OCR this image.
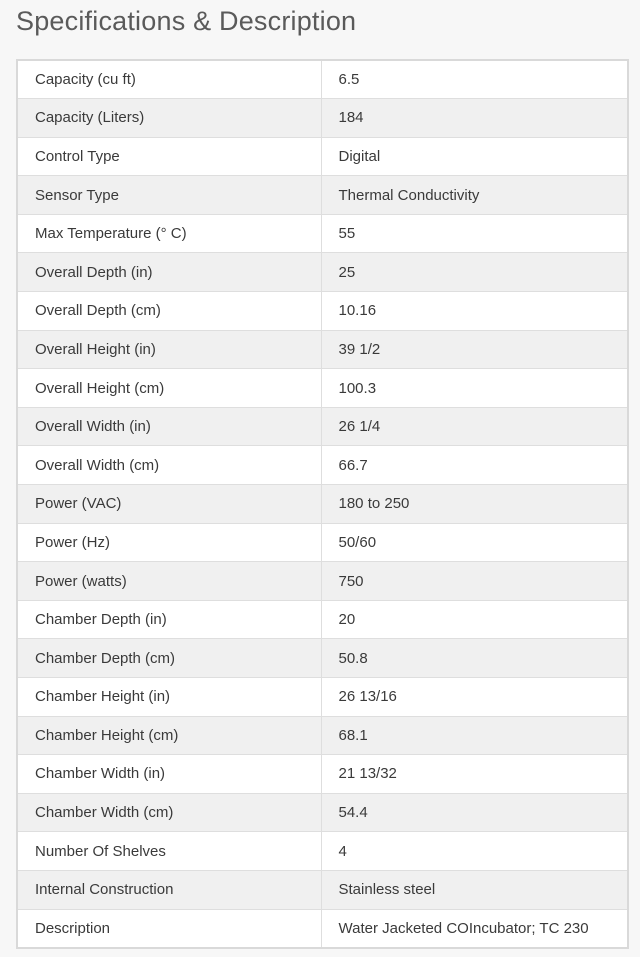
Specifications & Description
Capacity (cu ft)	6.5
Capacity (Liters)	184
Control Type	Digital
Sensor Type	Thermal Conductivity
Max Temperature (° C)	55
Overall Depth (in)	25
Overall Depth (cm)	10.16
Overall Height (in)	39 1/2
Overall Height (cm)	100.3
Overall Width (in)	26 1/4
Overall Width (cm)	66.7
Power (VAC)	180 to 250
Power (Hz)	50/60
Power (watts)	750
Chamber Depth (in)	20
Chamber Depth (cm)	50.8
Chamber Height (in)	26 13/16
Chamber Height (cm)	68.1
Chamber Width (in)	21 13/32
Chamber Width (cm)	54.4
Number Of Shelves	4
Internal Construction	Stainless steel
Description	Water Jacketed COIncubator; TC 230
